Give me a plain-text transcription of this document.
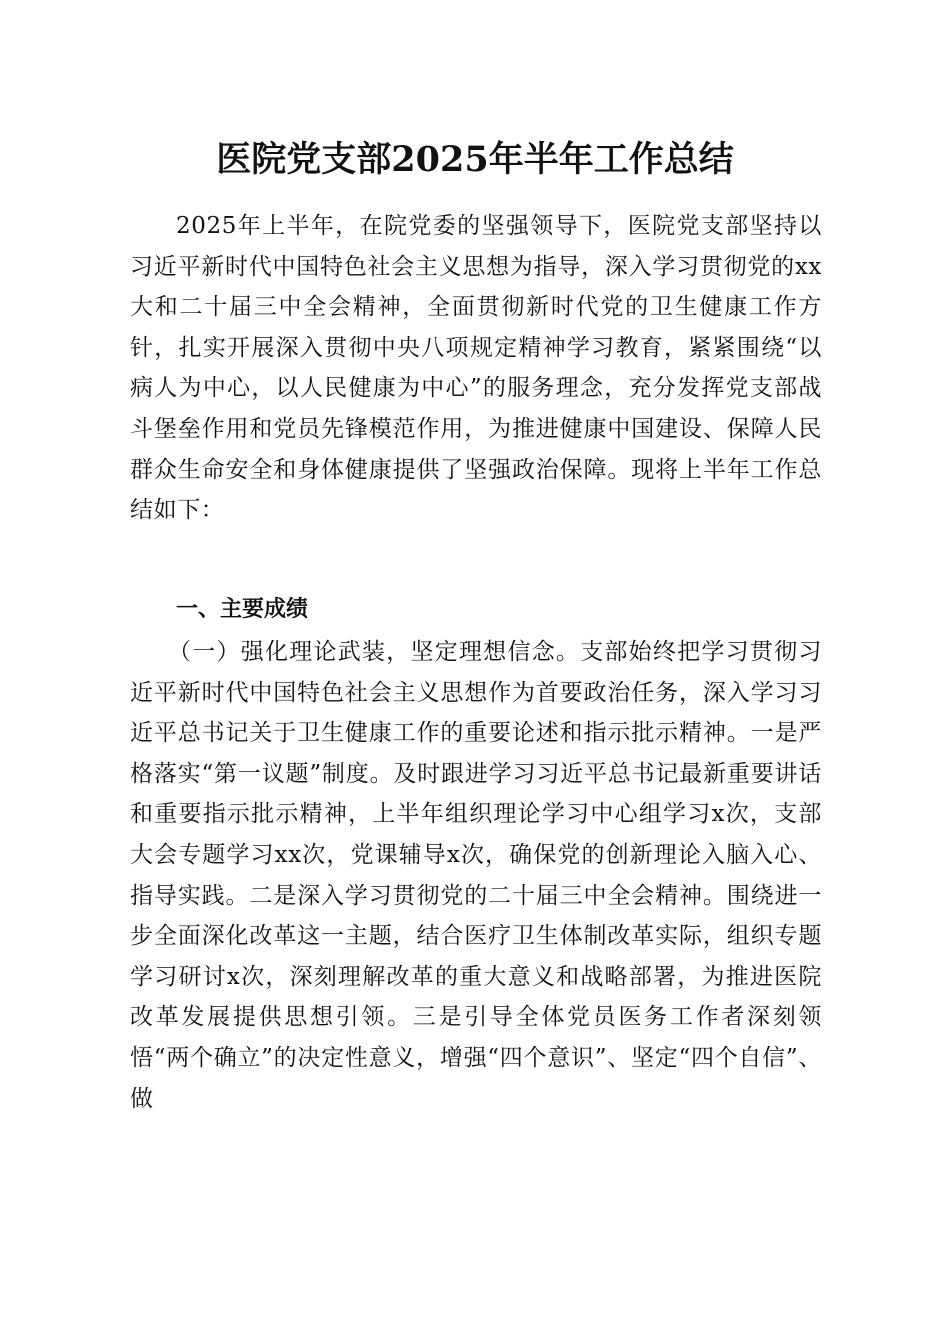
医院党支部2025年半年工作总结

2025年上半年，在院党委的坚强领导下，医院党支部坚持以习近平新时代中国特色社会主义思想为指导，深入学习贯彻党的xx大和二十届三中全会精神，全面贯彻新时代党的卫生健康工作方针，扎实开展深入贯彻中央八项规定精神学习教育，紧紧围绕“以病人为中心，以人民健康为中心”的服务理念，充分发挥党支部战斗堡垒作用和党员先锋模范作用，为推进健康中国建设、保障人民群众生命安全和身体健康提供了坚强政治保障。现将上半年工作总结如下：

一、主要成绩

（一）强化理论武装，坚定理想信念。支部始终把学习贯彻习近平新时代中国特色社会主义思想作为首要政治任务，深入学习习近平总书记关于卫生健康工作的重要论述和指示批示精神。一是严格落实“第一议题”制度。及时跟进学习习近平总书记最新重要讲话和重要指示批示精神，上半年组织理论学习中心组学习x次，支部大会专题学习xx次，党课辅导x次，确保党的创新理论入脑入心、指导实践。二是深入学习贯彻党的二十届三中全会精神。围绕进一步全面深化改革这一主题，结合医疗卫生体制改革实际，组织专题学习研讨x次，深刻理解改革的重大意义和战略部署，为推进医院改革发展提供思想引领。三是引导全体党员医务工作者深刻领悟“两个确立”的决定性意义，增强“四个意识”、坚定“四个自信”、做
